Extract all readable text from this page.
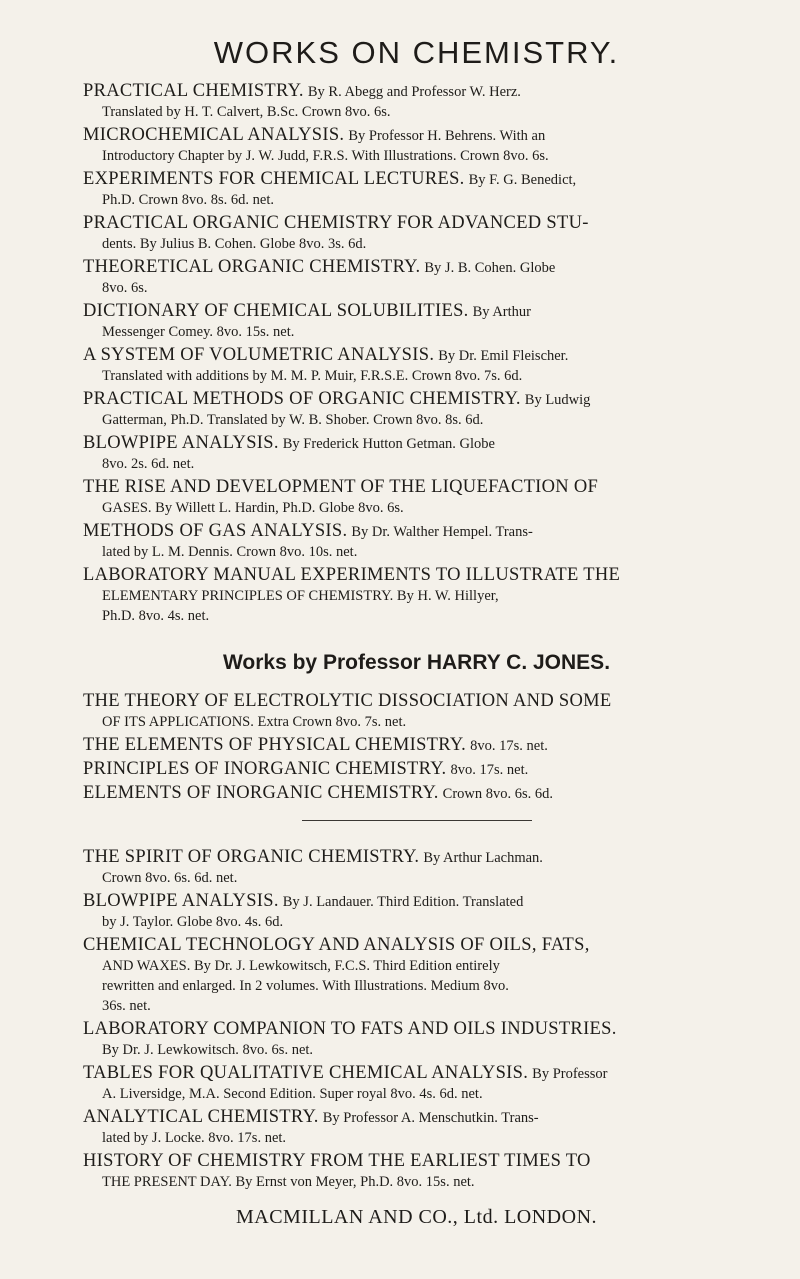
WORKS ON CHEMISTRY.
PRACTICAL CHEMISTRY. By R. Abegg and Professor W. Herz.
Translated by H. T. Calvert, B.Sc. Crown 8vo. 6s.
MICROCHEMICAL ANALYSIS. By Professor H. Behrens. With an
Introductory Chapter by J. W. Judd, F.R.S. With Illustrations. Crown 8vo. 6s.
EXPERIMENTS FOR CHEMICAL LECTURES. By F. G. Benedict,
Ph.D. Crown 8vo. 8s. 6d. net.
PRACTICAL ORGANIC CHEMISTRY FOR ADVANCED STU-
dents. By Julius B. Cohen. Globe 8vo. 3s. 6d.
THEORETICAL ORGANIC CHEMISTRY. By J. B. Cohen. Globe
8vo. 6s.
DICTIONARY OF CHEMICAL SOLUBILITIES. By Arthur
Messenger Comey. 8vo. 15s. net.
A SYSTEM OF VOLUMETRIC ANALYSIS. By Dr. Emil Fleischer.
Translated with additions by M. M. P. Muir, F.R.S.E. Crown 8vo. 7s. 6d.
PRACTICAL METHODS OF ORGANIC CHEMISTRY. By Ludwig
Gatterman, Ph.D. Translated by W. B. Shober. Crown 8vo. 8s. 6d.
BLOWPIPE ANALYSIS. By Frederick Hutton Getman. Globe
8vo. 2s. 6d. net.
THE RISE AND DEVELOPMENT OF THE LIQUEFACTION OF
GASES. By Willett L. Hardin, Ph.D. Globe 8vo. 6s.
METHODS OF GAS ANALYSIS. By Dr. Walther Hempel. Trans-
lated by L. M. Dennis. Crown 8vo. 10s. net.
LABORATORY MANUAL EXPERIMENTS TO ILLUSTRATE THE
ELEMENTARY PRINCIPLES OF CHEMISTRY. By H. W. Hillyer,
Ph.D. 8vo. 4s. net.
Works by Professor HARRY C. JONES.
THE THEORY OF ELECTROLYTIC DISSOCIATION AND SOME
OF ITS APPLICATIONS. Extra Crown 8vo. 7s. net.
THE ELEMENTS OF PHYSICAL CHEMISTRY. 8vo. 17s. net.
PRINCIPLES OF INORGANIC CHEMISTRY. 8vo. 17s. net.
ELEMENTS OF INORGANIC CHEMISTRY. Crown 8vo. 6s. 6d.
THE SPIRIT OF ORGANIC CHEMISTRY. By Arthur Lachman.
Crown 8vo. 6s. 6d. net.
BLOWPIPE ANALYSIS. By J. Landauer. Third Edition. Translated
by J. Taylor. Globe 8vo. 4s. 6d.
CHEMICAL TECHNOLOGY AND ANALYSIS OF OILS, FATS,
AND WAXES. By Dr. J. Lewkowitsch, F.C.S. Third Edition entirely
rewritten and enlarged. In 2 volumes. With Illustrations. Medium 8vo.
36s. net.
LABORATORY COMPANION TO FATS AND OILS INDUSTRIES.
By Dr. J. Lewkowitsch. 8vo. 6s. net.
TABLES FOR QUALITATIVE CHEMICAL ANALYSIS. By Professor
A. Liversidge, M.A. Second Edition. Super royal 8vo. 4s. 6d. net.
ANALYTICAL CHEMISTRY. By Professor A. Menschutkin. Trans-
lated by J. Locke. 8vo. 17s. net.
HISTORY OF CHEMISTRY FROM THE EARLIEST TIMES TO
THE PRESENT DAY. By Ernst von Meyer, Ph.D. 8vo. 15s. net.
MACMILLAN AND CO., Ltd. LONDON.
